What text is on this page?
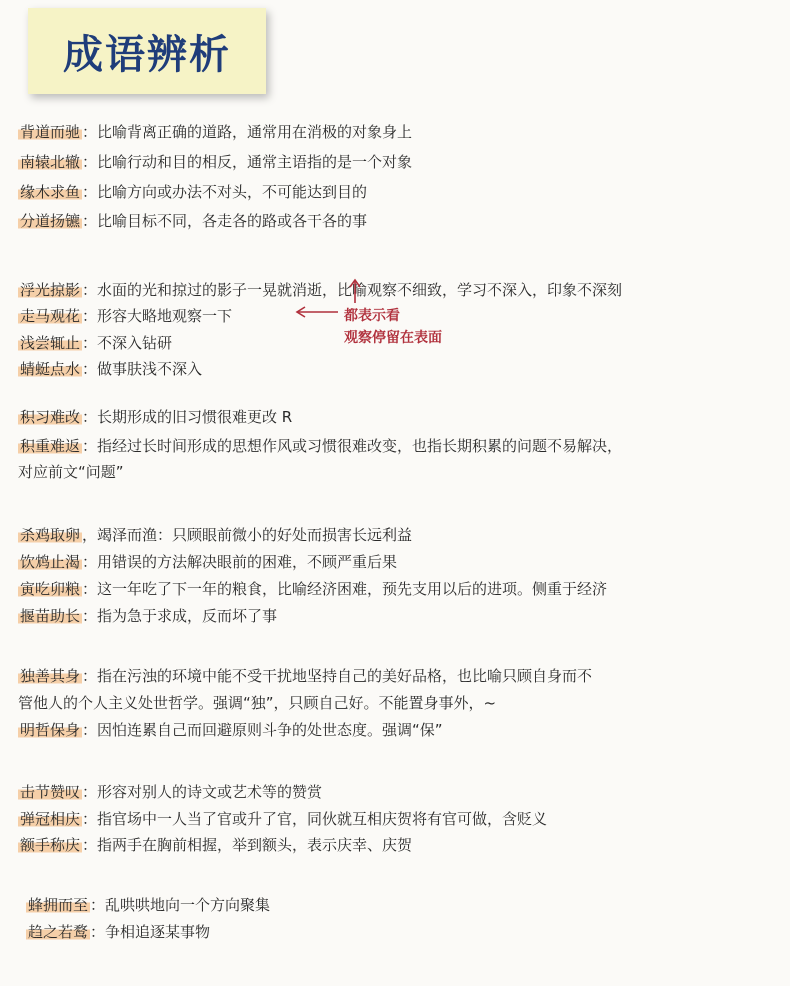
成语辨析
背道而驰 ：比喻背离正确的道路，通常用在消极的对象身上
南辕北辙 ：比喻行动和目的相反，通常主语指的是一个对象
缘木求鱼 ：比喻方向或办法不对头，不可能达到目的
分道扬镳 ：比喻目标不同，各走各的路或各干各的事
浮光掠影 ：水面的光和掠过的影子一晃就消逝，比喻观察不细致，学习不深入，印象不深刻
走马观花 ：形容大略地观察一下
浅尝辄止 ：不深入钻研
蜻蜓点水 ：做事肤浅不深入
都表示看
观察停留在表面
积习难改 ：长期形成的旧习惯很难更改 R
积重难返 ：指经过长时间形成的思想作风或习惯很难改变，也指长期积累的问题不易解决，
对应前文“问题”
杀鸡取卵 ，竭泽而渔：只顾眼前微小的好处而损害长远利益
饮鸩止渴 ：用错误的方法解决眼前的困难，不顾严重后果
寅吃卯粮 ：这一年吃了下一年的粮食，比喻经济困难，预先支用以后的进项。侧重于经济
揠苗助长 ：指为急于求成，反而坏了事
独善其身 ：指在污浊的环境中能不受干扰地坚持自己的美好品格，也比喻只顾自身而不
管他人的个人主义处世哲学。强调“独”，只顾自己好。不能置身事外，~
明哲保身 ：因怕连累自己而回避原则斗争的处世态度。强调“保”
击节赞叹 ：形容对别人的诗文或艺术等的赞赏
弹冠相庆 ：指官场中一人当了官或升了官，同伙就互相庆贺将有官可做，含贬义
额手称庆 ：指两手在胸前相握，举到额头，表示庆幸、庆贺
蜂拥而至 ：乱哄哄地向一个方向聚集
趋之若鹜 ：争相追逐某事物
